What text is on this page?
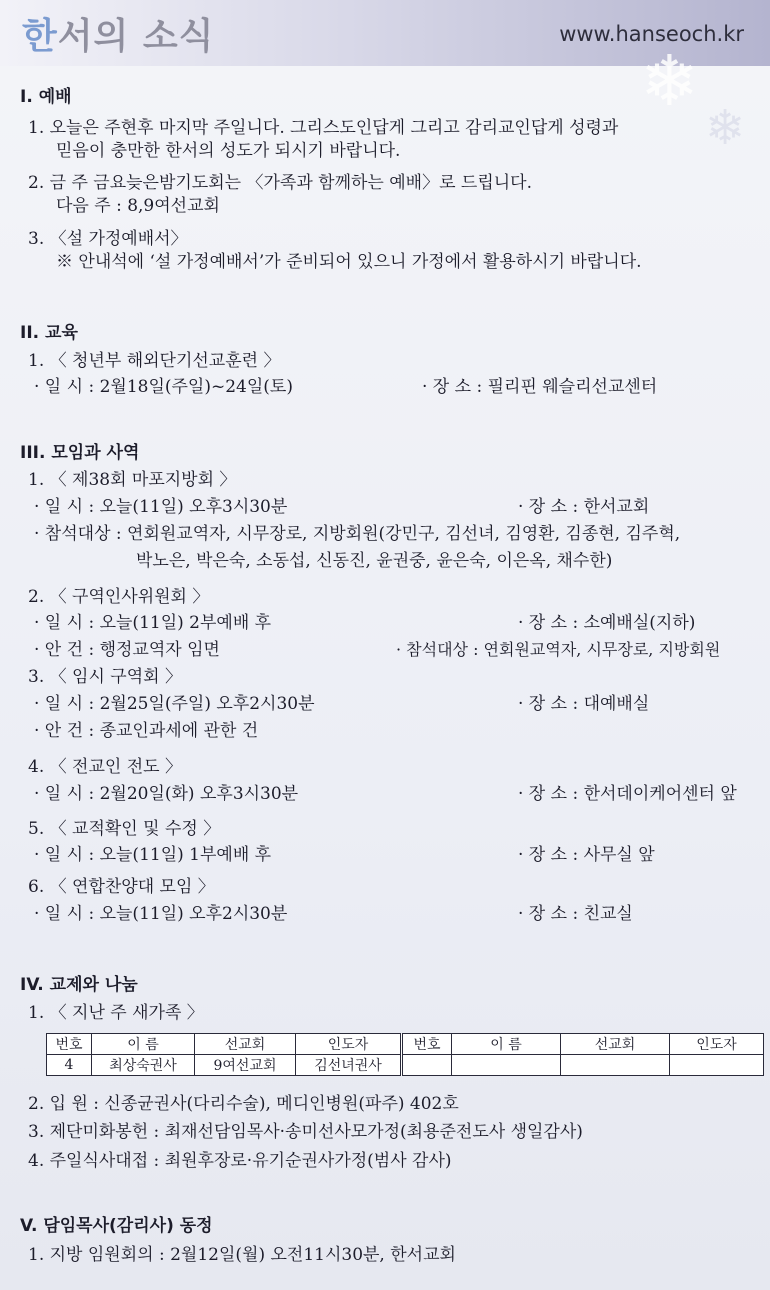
한서의 소식	www.hanseoch.kr
❄
❄
I. 예배
1. 오늘은 주현후 마지막 주일니다. 그리스도인답게 그리고 감리교인답게 성령과
믿음이 충만한 한서의 성도가 되시기 바랍니다.
2. 금 주 금요늦은밤기도회는 〈가족과 함께하는 예배〉로 드립니다.
다음 주 : 8,9여선교회
3. 〈설 가정예배서〉
※ 안내석에 ‘설 가정예배서’가 준비되어 있으니 가정에서 활용하시기 바랍니다.
II. 교육
1. 〈 청년부 해외단기선교훈련 〉
· 일 시 : 2월18일(주일)~24일(토)	· 장 소 : 필리핀 웨슬리선교센터
III. 모임과 사역
1. 〈 제38회 마포지방회 〉
· 일 시 : 오늘(11일) 오후3시30분	· 장 소 : 한서교회
· 참석대상 : 연회원교역자, 시무장로, 지방회원(강민구, 김선녀, 김영환, 김종현, 김주혁,
박노은, 박은숙, 소동섭, 신동진, 윤권중, 윤은숙, 이은옥, 채수한)
2. 〈 구역인사위원회 〉
· 일 시 : 오늘(11일) 2부예배 후	· 장 소 : 소예배실(지하)
· 안 건 : 행정교역자 임면	· 참석대상 : 연회원교역자, 시무장로, 지방회원
3. 〈 임시 구역회 〉
· 일 시 : 2월25일(주일) 오후2시30분	· 장 소 : 대예배실
· 안 건 : 종교인과세에 관한 건
4. 〈 전교인 전도 〉
· 일 시 : 2월20일(화) 오후3시30분	· 장 소 : 한서데이케어센터 앞
5. 〈 교적확인 및 수정 〉
· 일 시 : 오늘(11일) 1부예배 후	· 장 소 : 사무실 앞
6. 〈 연합찬양대 모임 〉
· 일 시 : 오늘(11일) 오후2시30분	· 장 소 : 친교실
IV. 교제와 나눔
1. 〈 지난 주 새가족 〉
번호	이 름	선교회	인도자	번호	이 름	선교회	인도자
4	최상숙권사	9여선교회	김선녀권사				
2. 입 원 : 신종균권사(다리수술), 메디인병원(파주) 402호
3. 제단미화봉헌 : 최재선담임목사·송미선사모가정(최용준전도사 생일감사)
4. 주일식사대접 : 최원후장로·유기순권사가정(범사 감사)
V. 담임목사(감리사) 동정
1. 지방 임원회의 : 2월12일(월) 오전11시30분, 한서교회
